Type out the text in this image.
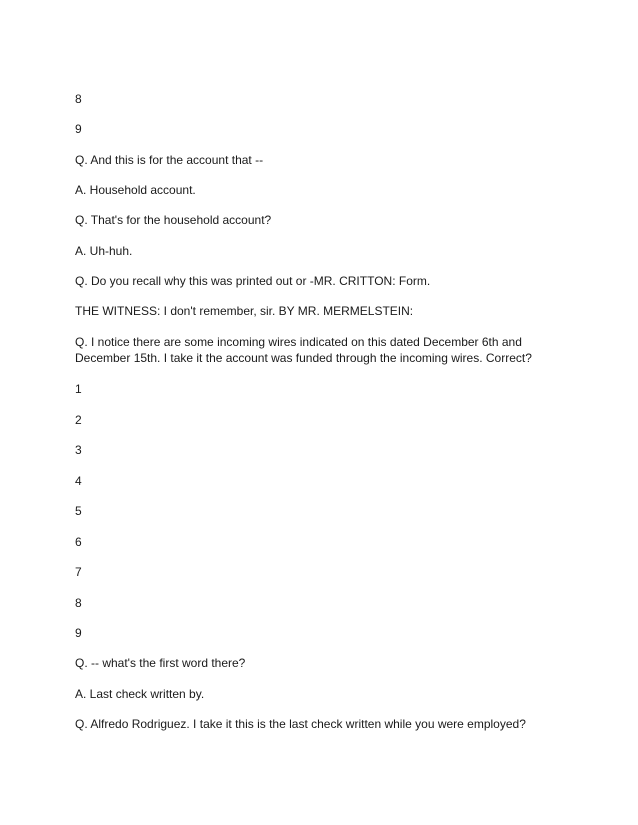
8
9
Q. And this is for the account that --
A. Household account.
Q. That's for the household account?
A. Uh-huh.
Q. Do you recall why this was printed out or -MR. CRITTON: Form.
THE WITNESS: I don't remember, sir. BY MR. MERMELSTEIN:
Q. I notice there are some incoming wires indicated on this dated December 6th and December 15th. I take it the account was funded through the incoming wires. Correct?
1
2
3
4
5
6
7
8
9
Q. -- what's the first word there?
A. Last check written by.
Q. Alfredo Rodriguez. I take it this is the last check written while you were employed?
